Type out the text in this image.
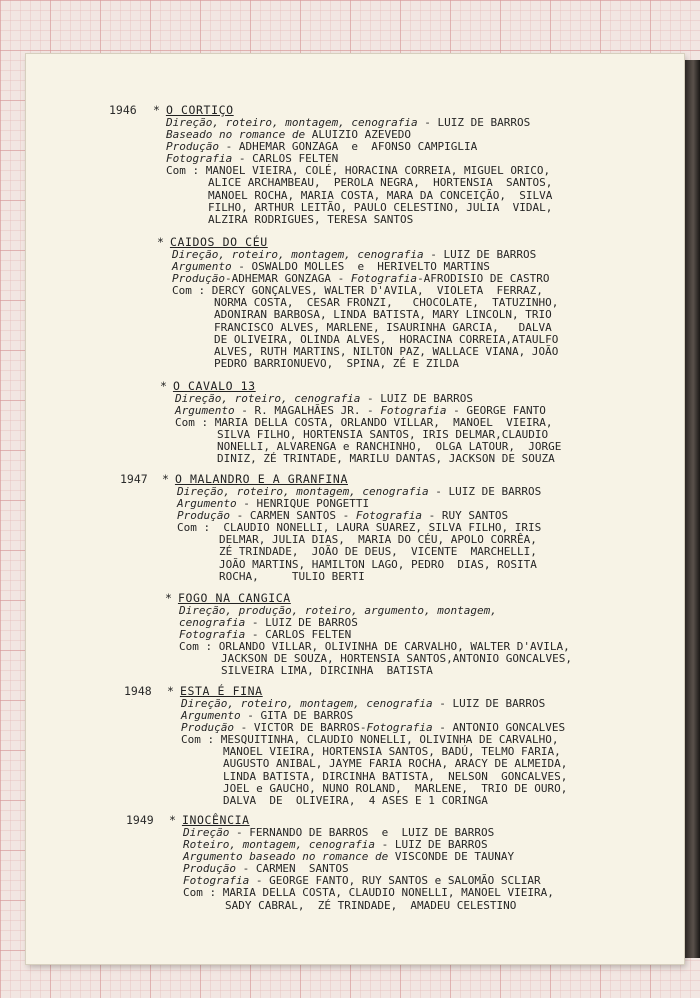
1946 * O CORTIÇO
Direção, roteiro, montagem, cenografia - LUIZ DE BARROS
Baseado no romance de ALUIZIO AZEVEDO
Produção - ADHEMAR GONZAGA  e  AFONSO CAMPIGLIA
Fotografia - CARLOS FELTEN
Com : MANOEL VIEIRA, COLÉ, HORACINA CORREIA, MIGUEL ORICO,
ALICE ARCHAMBEAU,  PEROLA NEGRA,  HORTENSIA  SANTOS,
MANOEL ROCHA, MARIA COSTA, MARA DA CONCEIÇÃO,  SILVA
FILHO, ARTHUR LEITÃO, PAULO CELESTINO, JULIA  VIDAL,
ALZIRA RODRIGUES, TERESA SANTOS
* CAIDOS DO CÉU
Direção, roteiro, montagem, cenografia - LUIZ DE BARROS
Argumento - OSWALDO MOLLES  e  HERIVELTO MARTINS
Produção-ADHEMAR GONZAGA - Fotografia-AFRODISIO DE CASTRO
Com : DERCY GONÇALVES, WALTER D'AVILA,  VIOLETA  FERRAZ,
NORMA COSTA,  CESAR FRONZI,   CHOCOLATE,  TATUZINHO,
ADONIRAN BARBOSA, LINDA BATISTA, MARY LINCOLN, TRIO
FRANCISCO ALVES, MARLENE, ISAURINHA GARCIA,   DALVA
DE OLIVEIRA, OLINDA ALVES,  HORACINA CORREIA,ATAULFO
ALVES, RUTH MARTINS, NILTON PAZ, WALLACE VIANA, JOÃO
PEDRO BARRIONUEVO,  SPINA, ZÉ E ZILDA
* O CAVALO 13
Direção, roteiro, cenografia - LUIZ DE BARROS
Argumento - R. MAGALHÃES JR. - Fotografia - GEORGE FANTO
Com : MARIA DELLA COSTA, ORLANDO VILLAR,  MANOEL  VIEIRA,
SILVA FILHO, HORTENSIA SANTOS, IRIS DELMAR,CLAUDIO
NONELLI, ALVARENGA e RANCHINHO,  OLGA LATOUR,  JORGE
DINIZ, ZÉ TRINTADE, MARILU DANTAS, JACKSON DE SOUZA
1947 * O MALANDRO E A GRANFINA
Direção, roteiro, montagem, cenografia - LUIZ DE BARROS
Argumento - HENRIQUE PONGETTI
Produção - CARMEN SANTOS - Fotografia - RUY SANTOS
Com :  CLAUDIO NONELLI, LAURA SUAREZ, SILVA FILHO, IRIS
DELMAR, JULIA DIAS,  MARIA DO CÉU, APOLO CORRÊA,
ZÉ TRINDADE,  JOÃO DE DEUS,  VICENTE  MARCHELLI,
JOÃO MARTINS, HAMILTON LAGO, PEDRO  DIAS, ROSITA
ROCHA,     TULIO BERTI
* FOGO NA CANGICA
Direção, produção, roteiro, argumento, montagem,
cenografia - LUIZ DE BARROS
Fotografia - CARLOS FELTEN
Com : ORLANDO VILLAR, OLIVINHA DE CARVALHO, WALTER D'AVILA,
JACKSON DE SOUZA, HORTENSIA SANTOS,ANTONIO GONCALVES,
SILVEIRA LIMA, DIRCINHA  BATISTA
1948 * ESTA É FINA
Direção, roteiro, montagem, cenografia - LUIZ DE BARROS
Argumento - GITA DE BARROS
Produção - VICTOR DE BARROS-Fotografia - ANTONIO GONCALVES
Com : MESQUITINHA, CLAUDIO NONELLI, OLIVINHA DE CARVALHO,
MANOEL VIEIRA, HORTENSIA SANTOS, BADÚ, TELMO FARIA,
AUGUSTO ANIBAL, JAYME FARIA ROCHA, ARACY DE ALMEIDA,
LINDA BATISTA, DIRCINHA BATISTA,  NELSON  GONCALVES,
JOEL e GAUCHO, NUNO ROLAND,  MARLENE,  TRIO DE OURO,
DALVA  DE  OLIVEIRA,  4 ASES E 1 CORINGA
1949 * INOCÊNCIA
Direção - FERNANDO DE BARROS  e  LUIZ DE BARROS
Roteiro, montagem, cenografia - LUIZ DE BARROS
Argumento baseado no romance de VISCONDE DE TAUNAY
Produção - CARMEN  SANTOS
Fotografia - GEORGE FANTO, RUY SANTOS e SALOMÃO SCLIAR
Com : MARIA DELLA COSTA, CLAUDIO NONELLI, MANOEL VIEIRA,
SADY CABRAL,  ZÉ TRINDADE,  AMADEU CELESTINO
